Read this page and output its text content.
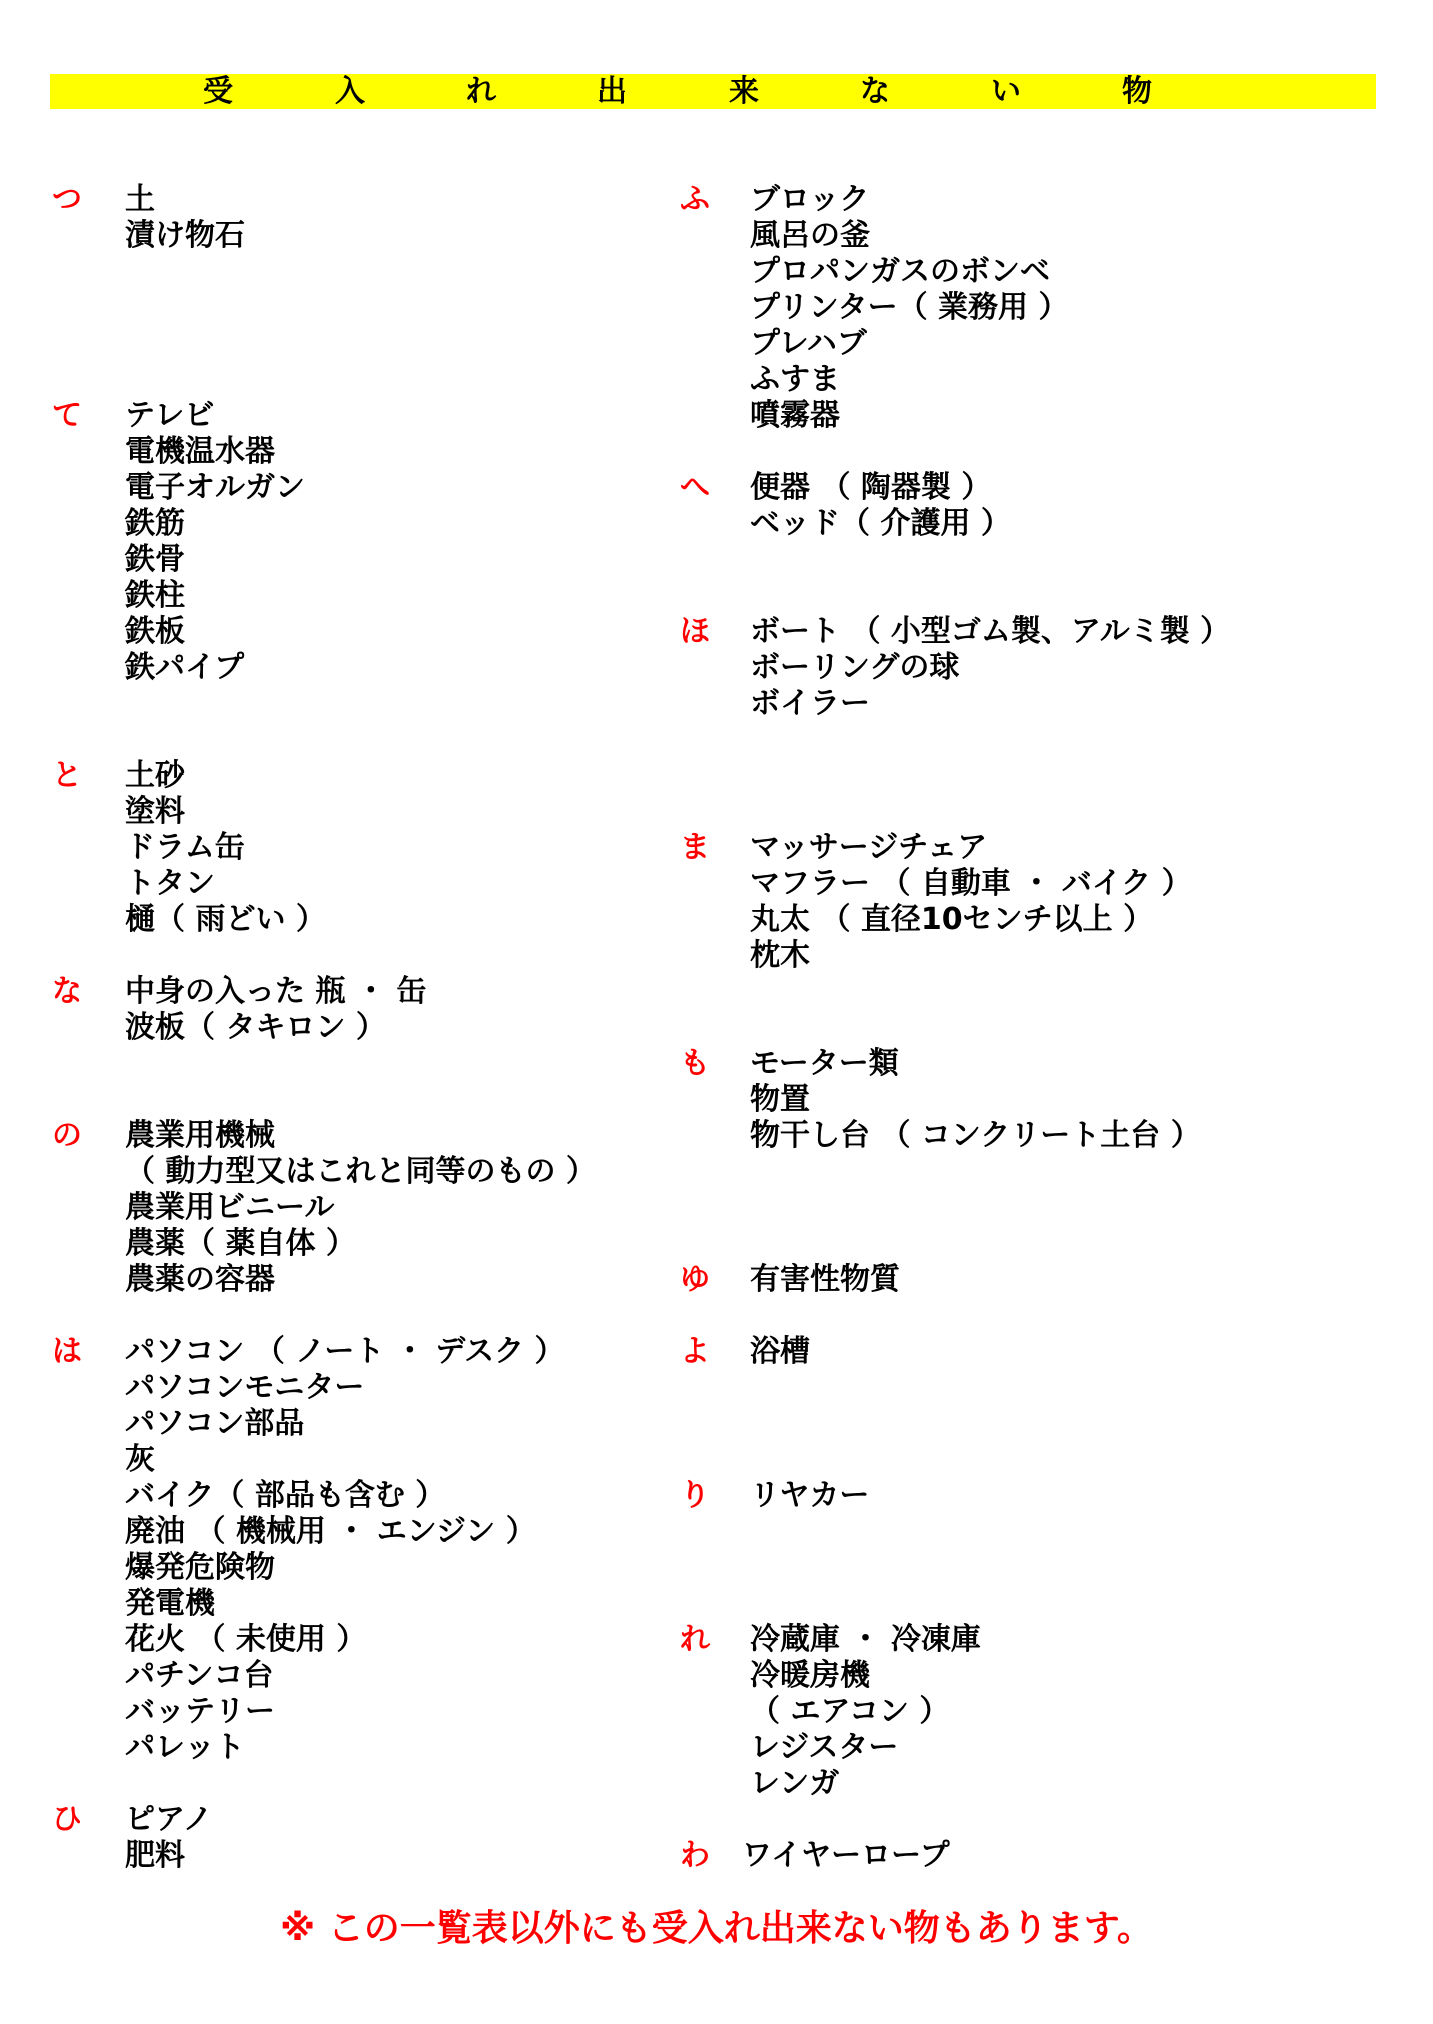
受	入	れ	出	来	な	い	物
つ 土
漬け物石
て テレビ
電機温水器
電子オルガン
鉄筋
鉄骨
鉄柱
鉄板
鉄パイプ
と 土砂
塗料
ドラム缶
トタン
樋（ 雨どい ）
な 中身の入った 瓶 ・ 缶
波板（ タキロン ）
の 農業用機械
（ 動力型又はこれと同等のもの ）
農業用ビニール
農薬（ 薬自体 ）
農薬の容器
は パソコン （ ノート ・ デスク ）
パソコンモニター
パソコン部品
灰
バイク（ 部品も含む ）
廃油 （ 機械用 ・ エンジン ）
爆発危険物
発電機
花火 （ 未使用 ）
パチンコ台
バッテリー
パレット
ひ ピアノ
肥料
ふ ブロック
風呂の釜
プロパンガスのボンベ
プリンター（ 業務用 ）
プレハブ
ふすま
噴霧器
へ 便器 （ 陶器製 ）
ベッド（ 介護用 ）
ほ ボート （ 小型ゴム製、アルミ製 ）
ボーリングの球
ボイラー
ま マッサージチェア
マフラー （ 自動車 ・ バイク ）
丸太 （ 直径10センチ以上 ）
枕木
も モーター類
物置
物干し台 （ コンクリート土台 ）
ゆ 有害性物質
よ 浴槽
り リヤカー
れ 冷蔵庫 ・ 冷凍庫
冷暖房機
（ エアコン ）
レジスター
レンガ
わ ワイヤーロープ
※ この一覧表以外にも受入れ出来ない物もあります。
